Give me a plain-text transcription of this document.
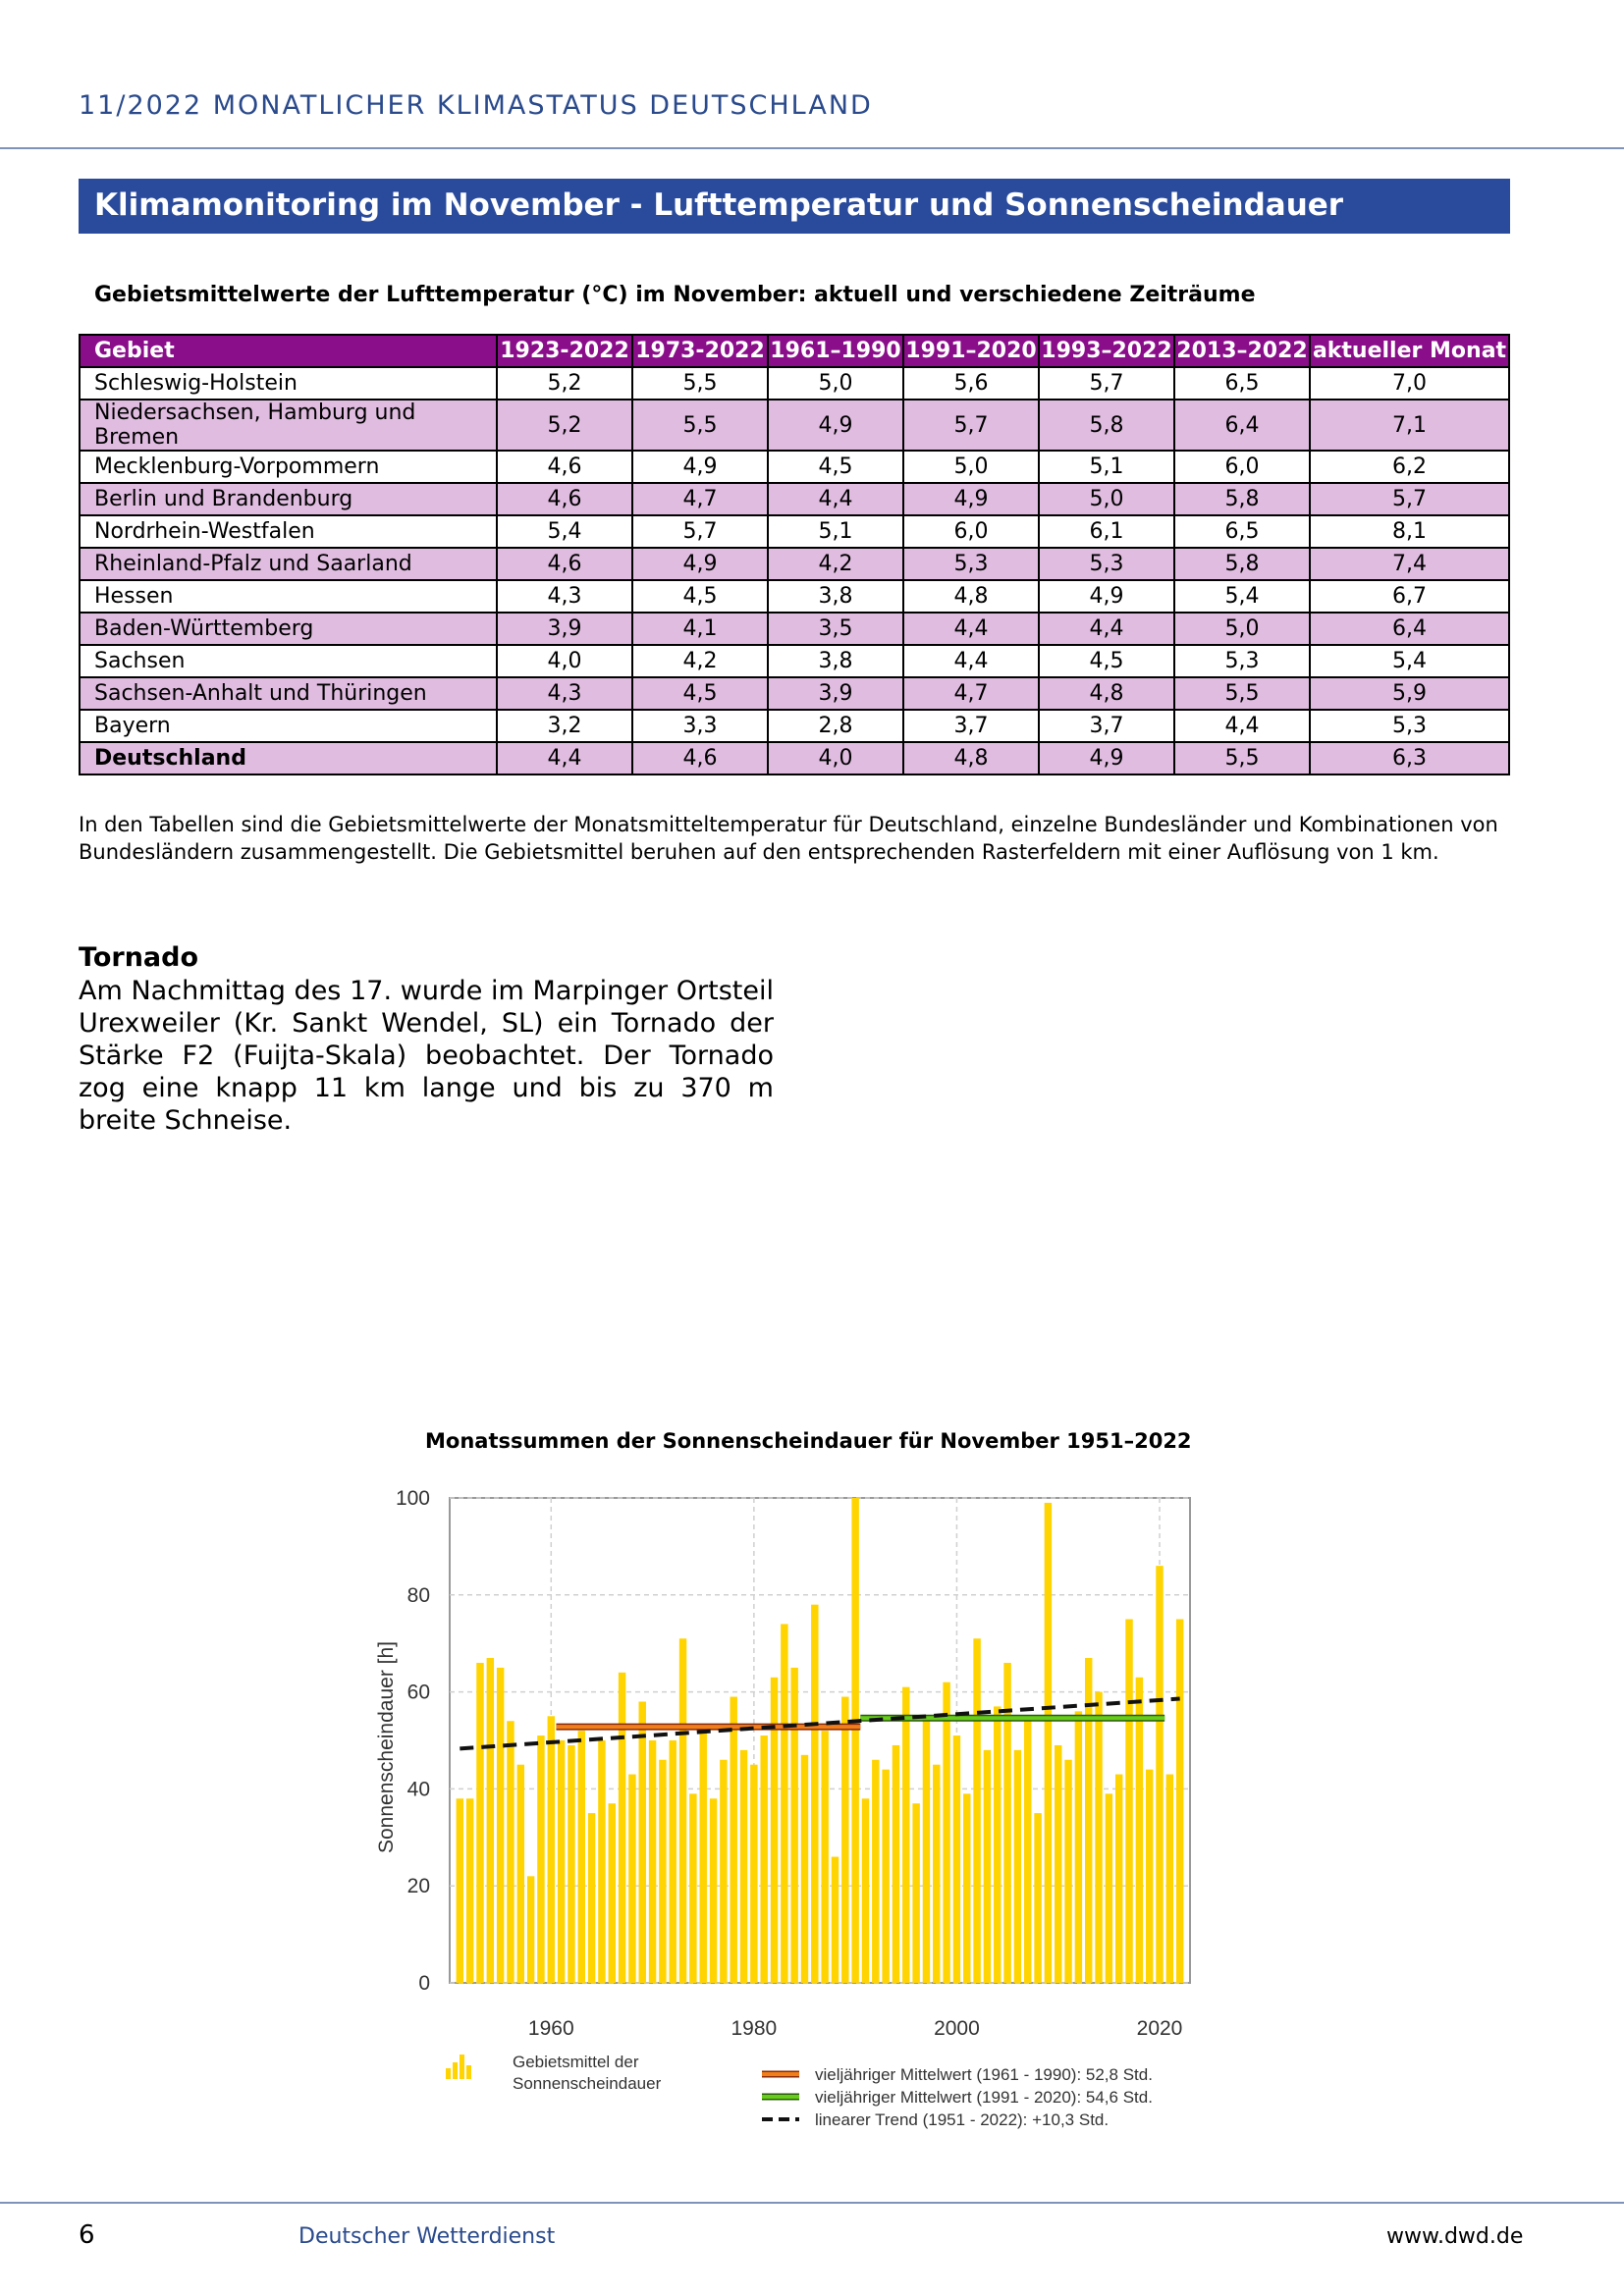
11/2022 MONATLICHER KLIMASTATUS DEUTSCHLAND
Klimamonitoring im November - Lufttemperatur und Sonnenscheindauer
Gebietsmittelwerte der Lufttemperatur (°C) im November: aktuell und verschiedene Zeiträume
Gebiet	1923-2022	1973-2022	1961–1990	1991–2020	1993–2022	2013–2022	aktueller Monat
Schleswig-Holstein	5,2	5,5	5,0	5,6	5,7	6,5	7,0
Niedersachsen, Hamburg und Bremen	5,2	5,5	4,9	5,7	5,8	6,4	7,1
Mecklenburg-Vorpommern	4,6	4,9	4,5	5,0	5,1	6,0	6,2
Berlin und Brandenburg	4,6	4,7	4,4	4,9	5,0	5,8	5,7
Nordrhein-Westfalen	5,4	5,7	5,1	6,0	6,1	6,5	8,1
Rheinland-Pfalz und Saarland	4,6	4,9	4,2	5,3	5,3	5,8	7,4
Hessen	4,3	4,5	3,8	4,8	4,9	5,4	6,7
Baden-Württemberg	3,9	4,1	3,5	4,4	4,4	5,0	6,4
Sachsen	4,0	4,2	3,8	4,4	4,5	5,3	5,4
Sachsen-Anhalt und Thüringen	4,3	4,5	3,9	4,7	4,8	5,5	5,9
Bayern	3,2	3,3	2,8	3,7	3,7	4,4	5,3
Deutschland	4,4	4,6	4,0	4,8	4,9	5,5	6,3
In den Tabellen sind die Gebietsmittelwerte der Monatsmitteltemperatur für Deutschland, einzelne Bundesländer und Kombinationen von Bundesländern zusammengestellt. Die Gebietsmittel beruhen auf den entsprechenden Rasterfeldern mit einer Auflösung von 1 km.
Tornado
Am Nachmittag des 17. wurde im Marpinger Ortsteil Urexweiler (Kr. Sankt Wendel, SL) ein Tornado der Stärke F2 (Fuijta-Skala) beobachtet. Der Tornado zog eine knapp 11 km lange und bis zu 370 m breite Schneise.
Monatssummen der Sonnenscheindauer für November 1951–2022
Sonnenscheindauer [h]
0
20
40
60
80
100
1960	1980	2000	2020
Gebietsmittel der
Sonnenscheindauer	vieljähriger Mittelwert (1961 - 1990): 52,8 Std.
vieljähriger Mittelwert (1991 - 2020): 54,6 Std.
linearer Trend (1951 - 2022): +10,3 Std.
6	Deutscher Wetterdienst	www.dwd.de
